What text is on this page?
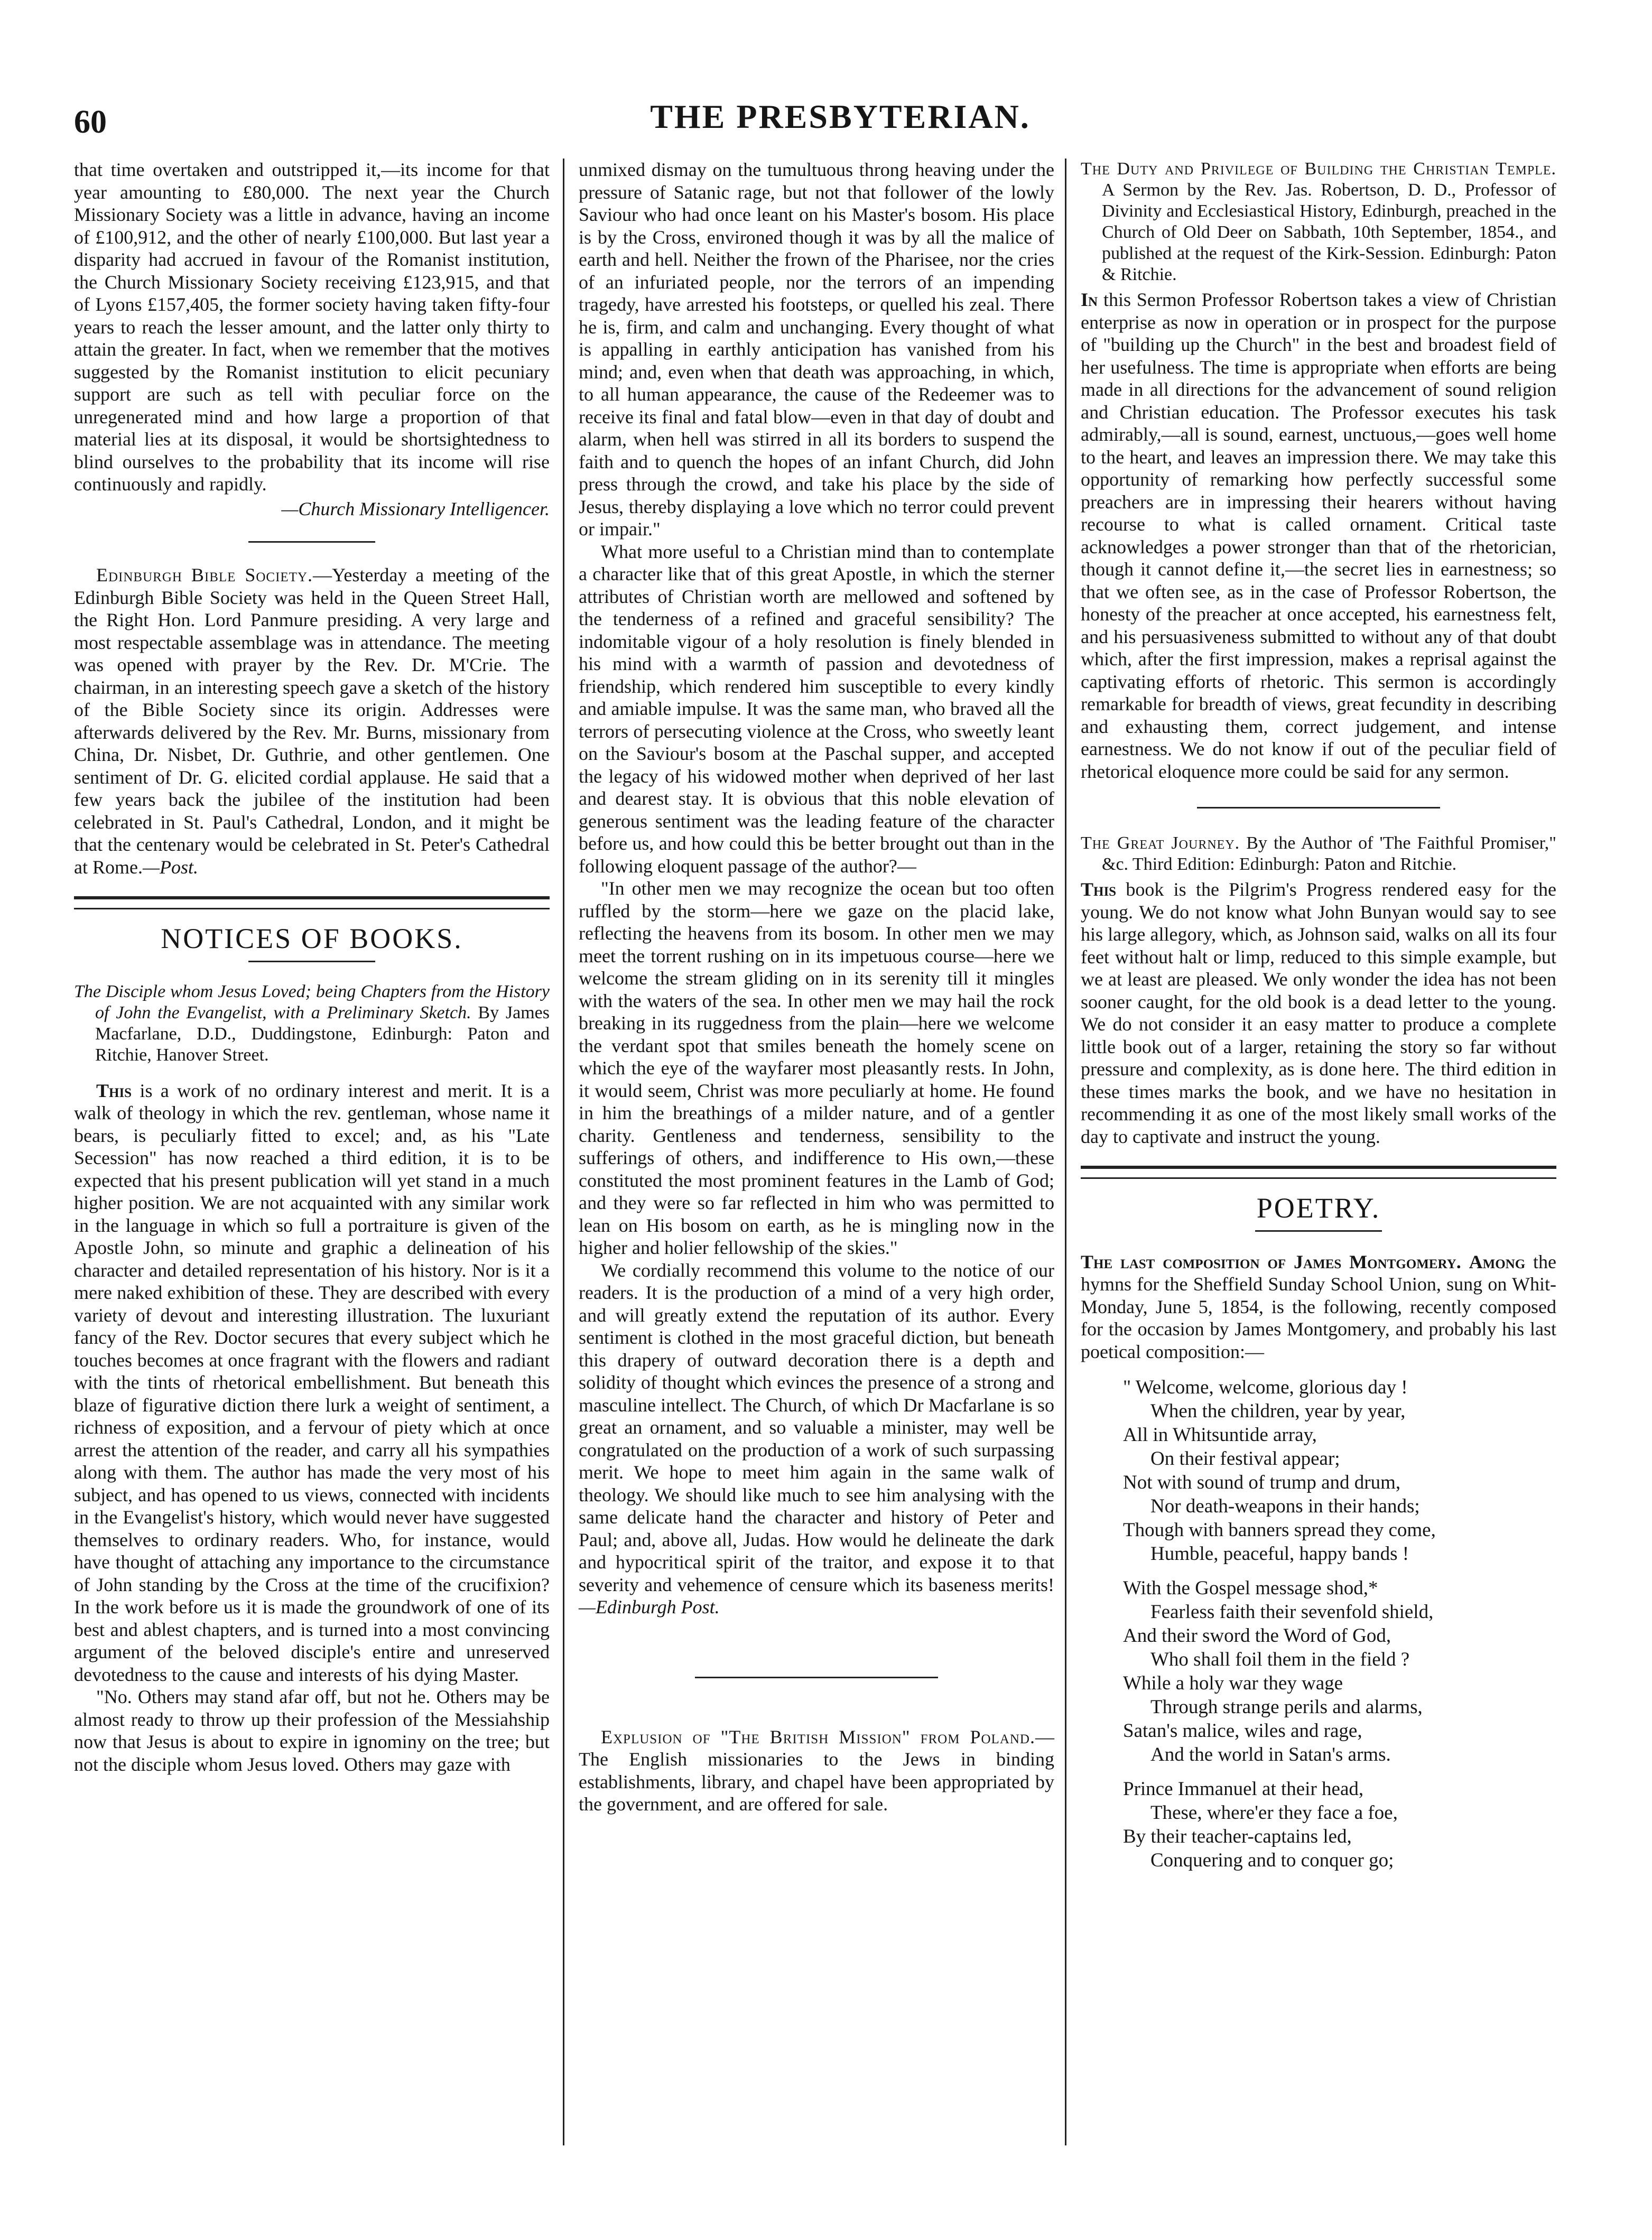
60	THE PRESBYTERIAN.

that time overtaken and outstripped it,—its income for that year amounting to £80,000. The next year the Church Missionary Society was a little in advance, having an income of £100,912, and the other of nearly £100,000. But last year a disparity had accrued in favour of the Romanist institution, the Church Missionary Society receiving £123,915, and that of Lyons £157,405, the former society having taken fifty-four years to reach the lesser amount, and the latter only thirty to attain the greater. In fact, when we remember that the motives suggested by the Romanist institution to elicit pecuniary support are such as tell with peculiar force on the unregenerated mind and how large a proportion of that material lies at its disposal, it would be shortsightedness to blind ourselves to the probability that its income will rise continuously and rapidly.

—Church Missionary Intelligencer.

Edinburgh Bible Society.—Yesterday a meeting of the Edinburgh Bible Society was held in the Queen Street Hall, the Right Hon. Lord Panmure presiding. A very large and most respectable assemblage was in attendance. The meeting was opened with prayer by the Rev. Dr. M'Crie. The chairman, in an interesting speech gave a sketch of the history of the Bible Society since its origin. Addresses were afterwards delivered by the Rev. Mr. Burns, missionary from China, Dr. Nisbet, Dr. Guthrie, and other gentlemen. One sentiment of Dr. G. elicited cordial applause. He said that a few years back the jubilee of the institution had been celebrated in St. Paul's Cathedral, London, and it might be that the centenary would be celebrated in St. Peter's Cathedral at Rome.—Post.

NOTICES OF BOOKS.

The Disciple whom Jesus Loved; being Chapters from the History of John the Evangelist, with a Preliminary Sketch. By James Macfarlane, D.D., Duddingstone, Edinburgh: Paton and Ritchie, Hanover Street.

This is a work of no ordinary interest and merit. It is a walk of theology in which the rev. gentleman, whose name it bears, is peculiarly fitted to excel; and, as his "Late Secession" has now reached a third edition, it is to be expected that his present publication will yet stand in a much higher position. We are not acquainted with any similar work in the language in which so full a portraiture is given of the Apostle John, so minute and graphic a delineation of his character and detailed representation of his history. Nor is it a mere naked exhibition of these. They are described with every variety of devout and interesting illustration. The luxuriant fancy of the Rev. Doctor secures that every subject which he touches becomes at once fragrant with the flowers and radiant with the tints of rhetorical embellishment. But beneath this blaze of figurative diction there lurk a weight of sentiment, a richness of exposition, and a fervour of piety which at once arrest the attention of the reader, and carry all his sympathies along with them. The author has made the very most of his subject, and has opened to us views, connected with incidents in the Evangelist's history, which would never have suggested themselves to ordinary readers. Who, for instance, would have thought of attaching any importance to the circumstance of John standing by the Cross at the time of the crucifixion? In the work before us it is made the groundwork of one of its best and ablest chapters, and is turned into a most convincing argument of the beloved disciple's entire and unreserved devotedness to the cause and interests of his dying Master.

"No. Others may stand afar off, but not he. Others may be almost ready to throw up their profession of the Messiahship now that Jesus is about to expire in ignominy on the tree; but not the disciple whom Jesus loved. Others may gaze with

unmixed dismay on the tumultuous throng heaving under the pressure of Satanic rage, but not that follower of the lowly Saviour who had once leant on his Master's bosom. His place is by the Cross, environed though it was by all the malice of earth and hell. Neither the frown of the Pharisee, nor the cries of an infuriated people, nor the terrors of an impending tragedy, have arrested his footsteps, or quelled his zeal. There he is, firm, and calm and unchanging. Every thought of what is appalling in earthly anticipation has vanished from his mind; and, even when that death was approaching, in which, to all human appearance, the cause of the Redeemer was to receive its final and fatal blow—even in that day of doubt and alarm, when hell was stirred in all its borders to suspend the faith and to quench the hopes of an infant Church, did John press through the crowd, and take his place by the side of Jesus, thereby displaying a love which no terror could prevent or impair."

What more useful to a Christian mind than to contemplate a character like that of this great Apostle, in which the sterner attributes of Christian worth are mellowed and softened by the tenderness of a refined and graceful sensibility? The indomitable vigour of a holy resolution is finely blended in his mind with a warmth of passion and devotedness of friendship, which rendered him susceptible to every kindly and amiable impulse. It was the same man, who braved all the terrors of persecuting violence at the Cross, who sweetly leant on the Saviour's bosom at the Paschal supper, and accepted the legacy of his widowed mother when deprived of her last and dearest stay. It is obvious that this noble elevation of generous sentiment was the leading feature of the character before us, and how could this be better brought out than in the following eloquent passage of the author?—

"In other men we may recognize the ocean but too often ruffled by the storm—here we gaze on the placid lake, reflecting the heavens from its bosom. In other men we may meet the torrent rushing on in its impetuous course—here we welcome the stream gliding on in its serenity till it mingles with the waters of the sea. In other men we may hail the rock breaking in its ruggedness from the plain—here we welcome the verdant spot that smiles beneath the homely scene on which the eye of the wayfarer most pleasantly rests. In John, it would seem, Christ was more peculiarly at home. He found in him the breathings of a milder nature, and of a gentler charity. Gentleness and tenderness, sensibility to the sufferings of others, and indifference to His own,—these constituted the most prominent features in the Lamb of God; and they were so far reflected in him who was permitted to lean on His bosom on earth, as he is mingling now in the higher and holier fellowship of the skies."

We cordially recommend this volume to the notice of our readers. It is the production of a mind of a very high order, and will greatly extend the reputation of its author. Every sentiment is clothed in the most graceful diction, but beneath this drapery of outward decoration there is a depth and solidity of thought which evinces the presence of a strong and masculine intellect. The Church, of which Dr Macfarlane is so great an ornament, and so valuable a minister, may well be congratulated on the production of a work of such surpassing merit. We hope to meet him again in the same walk of theology. We should like much to see him analysing with the same delicate hand the character and history of Peter and Paul; and, above all, Judas. How would he delineate the dark and hypocritical spirit of the traitor, and expose it to that severity and vehemence of censure which its baseness merits!—Edinburgh Post.

Explusion of "The British Mission" from Poland.—The English missionaries to the Jews in binding establishments, library, and chapel have been appropriated by the government, and are offered for sale.

The Duty and Privilege of Building the Christian Temple. A Sermon by the Rev. Jas. Robertson, D. D., Professor of Divinity and Ecclesiastical History, Edinburgh, preached in the Church of Old Deer on Sabbath, 10th September, 1854., and published at the request of the Kirk-Session. Edinburgh: Paton & Ritchie.

In this Sermon Professor Robertson takes a view of Christian enterprise as now in operation or in prospect for the purpose of "building up the Church" in the best and broadest field of her usefulness. The time is appropriate when efforts are being made in all directions for the advancement of sound religion and Christian education. The Professor executes his task admirably,—all is sound, earnest, unctuous,—goes well home to the heart, and leaves an impression there. We may take this opportunity of remarking how perfectly successful some preachers are in impressing their hearers without having recourse to what is called ornament. Critical taste acknowledges a power stronger than that of the rhetorician, though it cannot define it,—the secret lies in earnestness; so that we often see, as in the case of Professor Robertson, the honesty of the preacher at once accepted, his earnestness felt, and his persuasiveness submitted to without any of that doubt which, after the first impression, makes a reprisal against the captivating efforts of rhetoric. This sermon is accordingly remarkable for breadth of views, great fecundity in describing and exhausting them, correct judgement, and intense earnestness. We do not know if out of the peculiar field of rhetorical eloquence more could be said for any sermon.

The Great Journey. By the Author of 'The Faithful Promiser," &c. Third Edition: Edinburgh: Paton and Ritchie.

This book is the Pilgrim's Progress rendered easy for the young. We do not know what John Bunyan would say to see his large allegory, which, as Johnson said, walks on all its four feet without halt or limp, reduced to this simple example, but we at least are pleased. We only wonder the idea has not been sooner caught, for the old book is a dead letter to the young. We do not consider it an easy matter to produce a complete little book out of a larger, retaining the story so far without pressure and complexity, as is done here. The third edition in these times marks the book, and we have no hesitation in recommending it as one of the most likely small works of the day to captivate and instruct the young.

POETRY.

The last composition of James Montgomery. Among the hymns for the Sheffield Sunday School Union, sung on Whit-Monday, June 5, 1854, is the following, recently composed for the occasion by James Montgomery, and probably his last poetical composition:—

" Welcome, welcome, glorious day !
When the children, year by year,
All in Whitsuntide array,
On their festival appear;
Not with sound of trump and drum,
Nor death-weapons in their hands;
Though with banners spread they come,
Humble, peaceful, happy bands !
With the Gospel message shod,*
Fearless faith their sevenfold shield,
And their sword the Word of God,
Who shall foil them in the field ?
While a holy war they wage
Through strange perils and alarms,
Satan's malice, wiles and rage,
And the world in Satan's arms.
Prince Immanuel at their head,
These, where'er they face a foe,
By their teacher-captains led,
Conquering and to conquer go;
